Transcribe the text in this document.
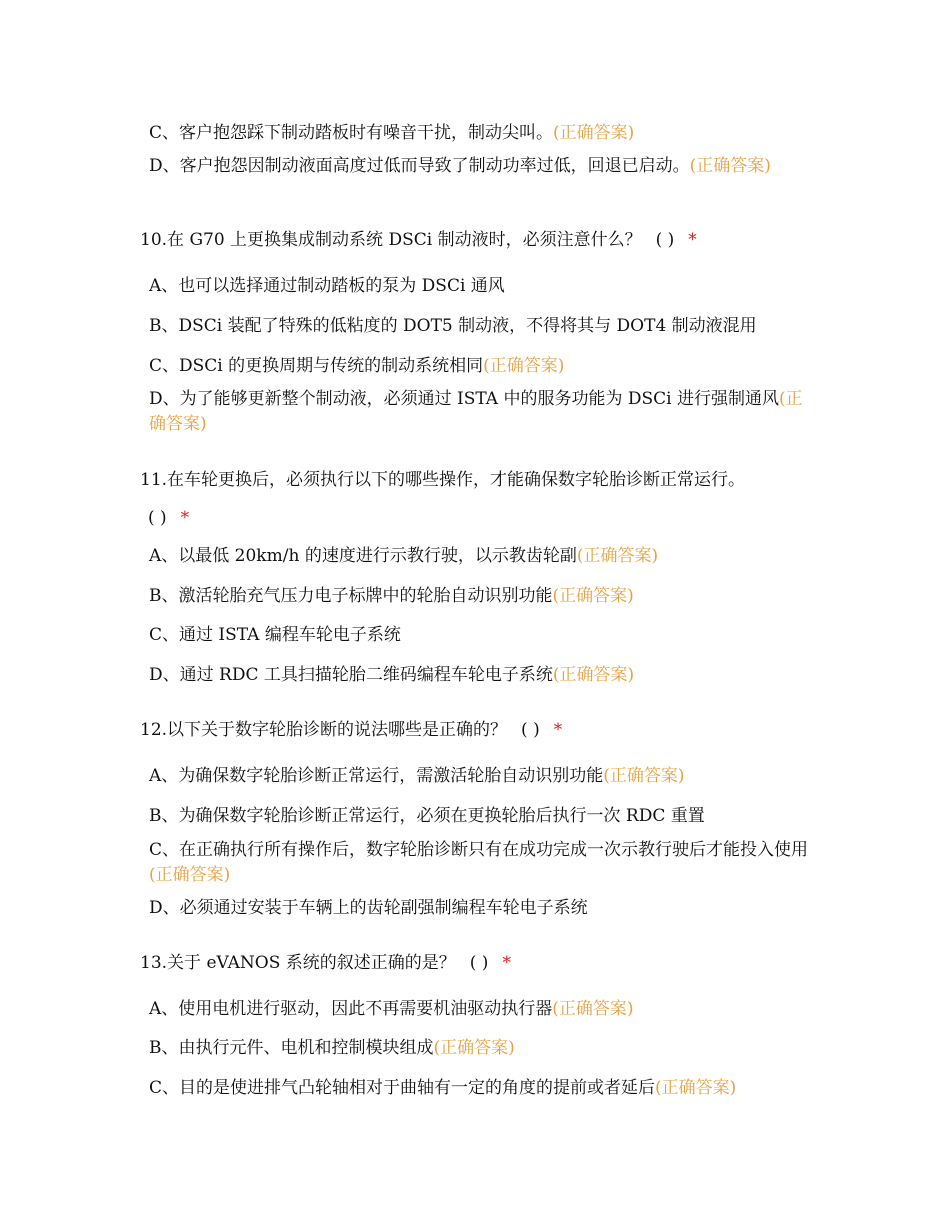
C、客户抱怨踩下制动踏板时有噪音干扰，制动尖叫。(正确答案)
D、客户抱怨因制动液面高度过低而导致了制动功率过低，回退已启动。(正确答案)
10.在 G70 上更换集成制动系统 DSCi 制动液时，必须注意什么？ ( ) *
A、也可以选择通过制动踏板的泵为 DSCi 通风
B、DSCi 装配了特殊的低粘度的 DOT5 制动液，不得将其与 DOT4 制动液混用
C、DSCi 的更换周期与传统的制动系统相同(正确答案)
D、为了能够更新整个制动液，必须通过 ISTA 中的服务功能为 DSCi 进行强制通风(正确答案)
11.在车轮更换后，必须执行以下的哪些操作，才能确保数字轮胎诊断正常运行。
( ) *
A、以最低 20km/h 的速度进行示教行驶，以示教齿轮副(正确答案)
B、激活轮胎充气压力电子标牌中的轮胎自动识别功能(正确答案)
C、通过 ISTA 编程车轮电子系统
D、通过 RDC 工具扫描轮胎二维码编程车轮电子系统(正确答案)
12.以下关于数字轮胎诊断的说法哪些是正确的？ ( ) *
A、为确保数字轮胎诊断正常运行，需激活轮胎自动识别功能(正确答案)
B、为确保数字轮胎诊断正常运行，必须在更换轮胎后执行一次 RDC 重置
C、在正确执行所有操作后，数字轮胎诊断只有在成功完成一次示教行驶后才能投入使用(正确答案)
D、必须通过安装于车辆上的齿轮副强制编程车轮电子系统
13.关于 eVANOS 系统的叙述正确的是？ ( ) *
A、使用电机进行驱动，因此不再需要机油驱动执行器(正确答案)
B、由执行元件、电机和控制模块组成(正确答案)
C、目的是使进排气凸轮轴相对于曲轴有一定的角度的提前或者延后(正确答案)
